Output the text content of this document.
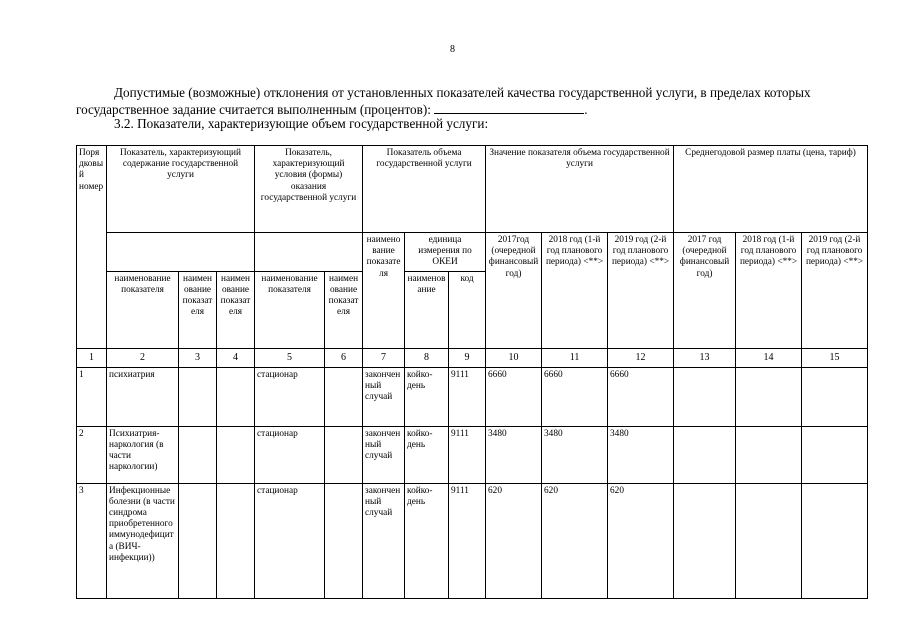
8
Допустимые (возможные) отклонения от установленных показателей качества государственной услуги, в пределах которых государственное задание считается выполненным (процентов):	.
3.2. Показатели, характеризующие объем государственной услуги:
Порядковый номер	Показатель, характеризующий содержание государственной услуги			Показатель, характеризующий условия (формы) оказания государственной услуги		Показатель объема государственной услуги			Значение показателя объема государственной услуги			Среднегодовой размер платы (цена, тариф)		
						наименование показателя	единица измерения по ОКЕИ		2017год (очередной финансовый год)	2018 год (1-й год планового периода) <**>	2019 год (2-й год планового периода) <**>	2017 год (очередной финансовый год)	2018 год (1-й год планового периода) <**>	2019 год (2-й год планового периода) <**>
	наименование показателя	наименование показателя	наименование показателя	наименование показателя	наименование показателя		наименование	код						
1	2	3	4	5	6	7	8	9	10	11	12	13	14	15
1	психиатрия			стационар		законченный случай	койко-день	9111	6660	6660	6660			
2	Психиатрия-наркология (в части наркологии)			стационар		законченный случай	койко-день	9111	3480	3480	3480			
3	Инфекционные болезни (в части синдрома приобретенного иммунодефицита (ВИЧ-инфекции))			стационар		законченный случай	койко-день	9111	620	620	620			
